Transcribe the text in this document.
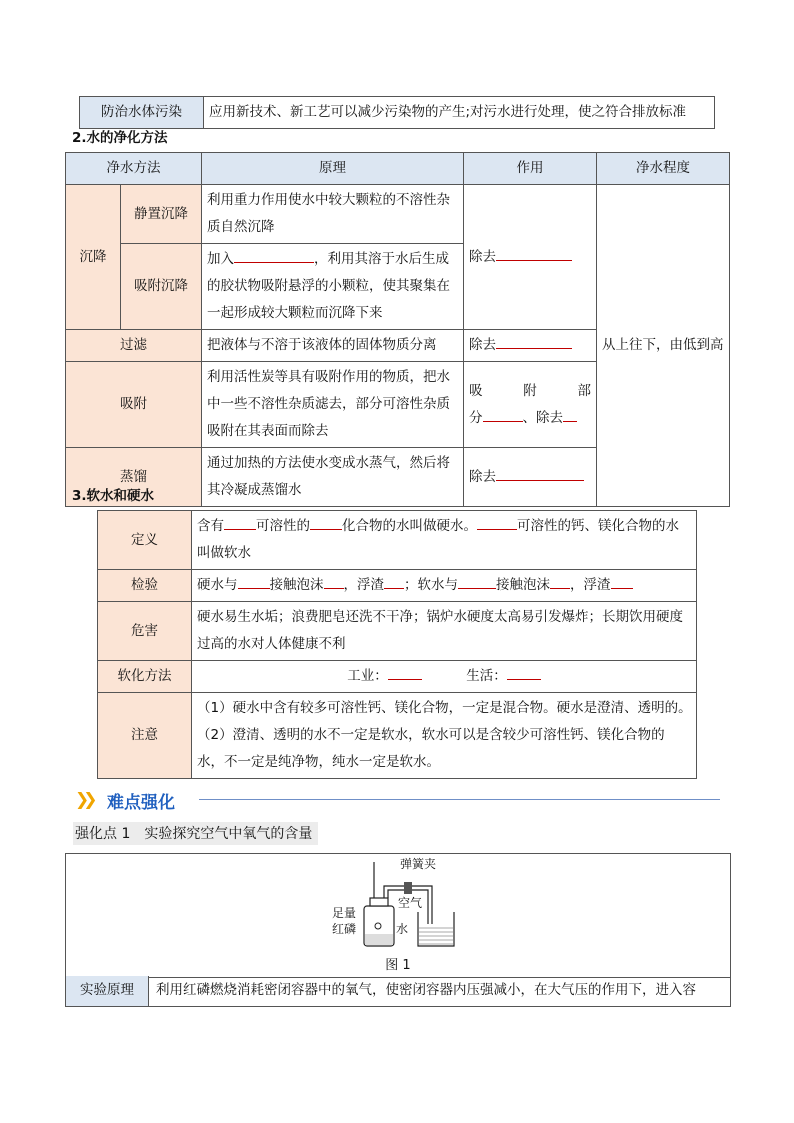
防治水体污染	应用新技术、新工艺可以减少污染物的产生;对污水进行处理，使之符合排放标准
2.水的净化方法
净水方法		原理	作用	净水程度
沉降	静置沉降	利用重力作用使水中较大颗粒的不溶性杂质自然沉降	除去	从上往下，由低到高
	吸附沉降	加入 ，利用其溶于水后生成的胶状物吸附悬浮的小颗粒，使其聚集在一起形成较大颗粒而沉降下来		
过滤		把液体与不溶于该液体的固体物质分离	除去	
吸附		利用活性炭等具有吸附作用的物质，把水中一些不溶性杂质滤去，部分可溶性杂质吸附在其表面而除去	吸 附 部
分 、除去	

蒸馏		通过加热的方法使水变成水蒸气，然后将其冷凝成蒸馏水	除去	
3.软水和硬水
定义	含有 可溶性的 化合物的水叫做硬水。 可溶性的钙、镁化合物的水叫做软水
检验	硬水与 接触泡沫 ，浮渣 ；软水与 接触泡沫 ，浮渣
危害	硬水易生水垢；浪费肥皂还洗不干净；锅炉水硬度太高易引发爆炸；长期饮用硬度过高的水对人体健康不利
软化方法	工业： 生活：
注意	（1）硬水中含有较多可溶性钙、镁化合物，一定是混合物。硬水是澄清、透明的。
（2）澄清、透明的水不一定是软水，软水可以是含较少可溶性钙、镁化合物的水，不一定是纯净物，纯水一定是软水。
❯❯ 难点强化
强化点 1　实验探究空气中氧气的含量
弹簧夹
空气
足量
红磷	水
图 1
实验原理	利用红磷燃烧消耗密闭容器中的氧气，使密闭容器内压强减小，在大气压的作用下，进入容
